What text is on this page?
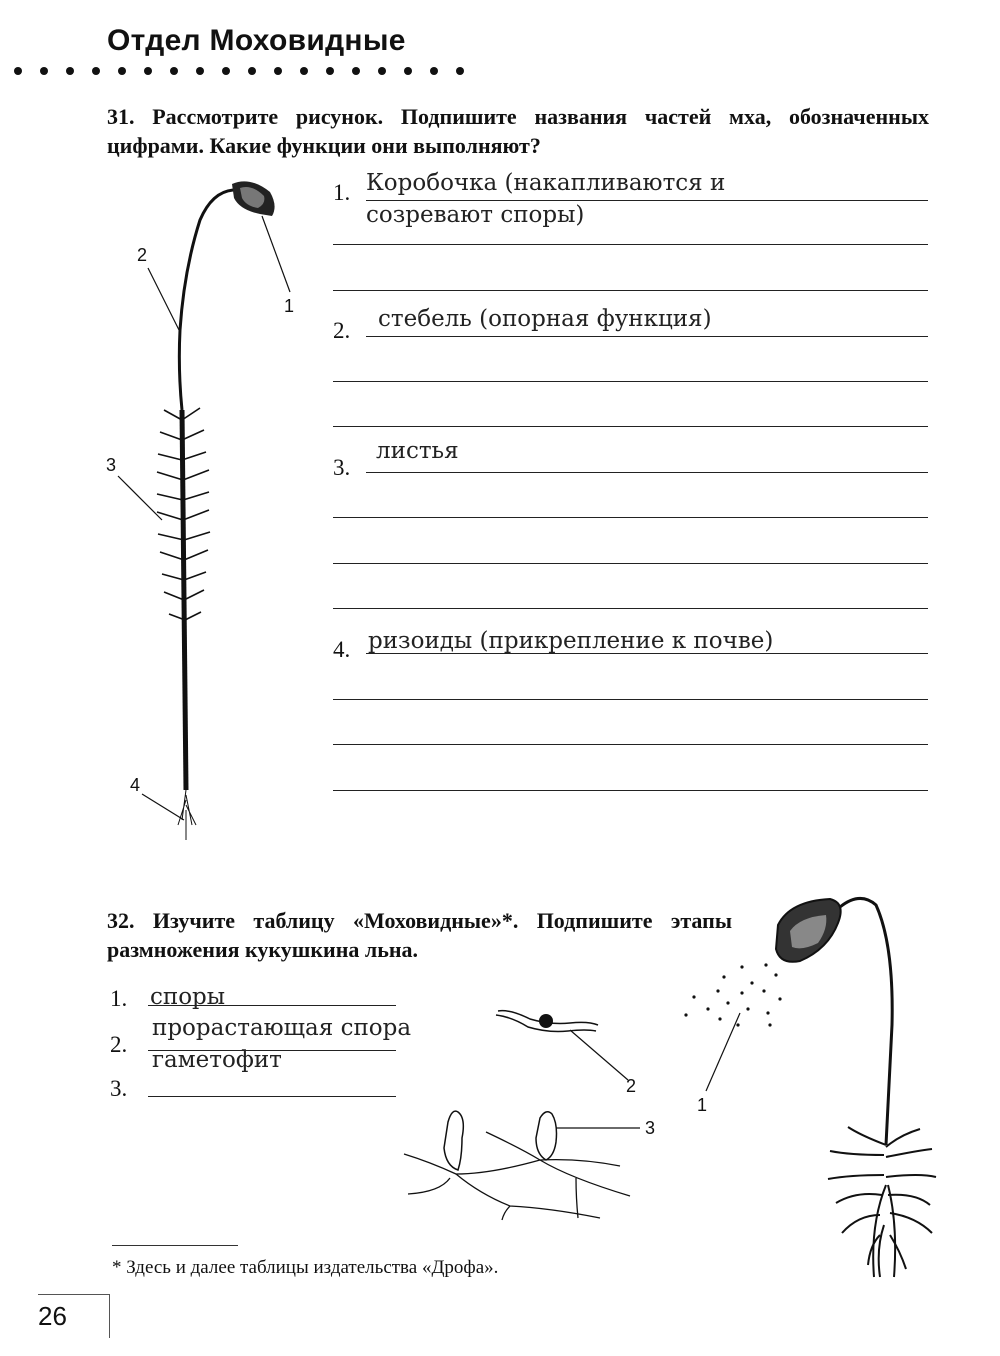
Отдел Моховидные
31. Рассмотрите рисунок. Подпишите названия частей мха, обозначенных цифрами. Какие функции они выполняют?
1
2
3
4
1. Коробочка (накапливаются и
созревают споры)
2. стебель (опорная функция)
3.
листья
4. ризоиды (прикрепление к почве)
32. Изучите таблицу «Моховидные»*. Подпишите этапы размножения кукушкина льна.
1. споры
2.
прорастающая спора
3.
гаметофит
2
3
1
* Здесь и далее таблицы издательства «Дрофа».
26
